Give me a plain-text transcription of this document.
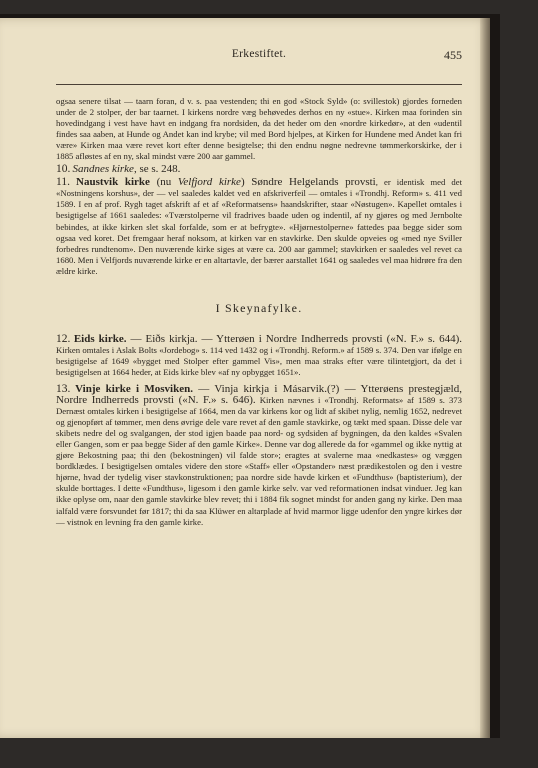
Erkestiftet.	455

ogsaa senere tilsat — taarn foran, d v. s. paa vestenden; thi en god «Stock Syld» (o: svillestok) gjordes forneden under de 2 stolper, der bar taarnet. I kirkens nordre væg behøvedes derhos en ny «stue». Kirken maa forinden sin hovedindgang i vest have havt en indgang fra nordsiden, da det heder om den «nordre kirkedør», at den «udentil findes saa aaben, at Hunde og Andet kan ind krybe; vil med Bord hjelpes, at Kirken for Hundene med Andet kan fri være» Kirken maa være revet kort efter denne besigtelse; thi den endnu nøgne nedrevne tømmerkorskirke, der i 1885 afløstes af en ny, skal mindst være 200 aar gammel.

10. Sandnes kirke, se s. 248.

11. Naustvik kirke (nu Velfjord kirke) Søndre Helgelands provsti, er identisk med det «Nostningens korshus», der — vel saaledes kaldet ved en afskriverfeil — omtales i «Trondhj. Reform» s. 411 ved 1589. I en af prof. Rygh taget afskrift af et af «Reformatsens» haandskrifter, staar «Nøstugen». Kapellet omtales i besigtigelse af 1661 saaledes: «Tværstolperne vil fradrives baade uden og indentil, af ny gjøres og med Jernbolte bebindes, at ikke kirken slet skal forfalde, som er at befrygte». «Hjørnestolperne» fattedes paa begge sider som ogsaa ved koret. Det fremgaar heraf noksom, at kirken var en stavkirke. Den skulde opveies og «med nye Sviller forbedres rundtenom». Den nuværende kirke siges at være ca. 200 aar gammel; stavkirken er saaledes vel revet ca 1680. Men i Velfjords nuværende kirke er en altartavle, der bærer aarstallet 1641 og saaledes vel maa hidrøre fra den ældre kirke.

I Skeynafylke.

12. Eids kirke. — Eiðs kirkja. — Ytterøen i Nordre Indherreds provsti («N. F.» s. 644). Kirken omtales i Aslak Bolts «Jordebog» s. 114 ved 1432 og i «Trondhj. Reform.» af 1589 s. 374. Den var ifølge en besigtigelse af 1649 «bygget med Stolper efter gammel Vis», men maa straks efter være tilintetgjort, da det i besigtigelsen at 1664 heder, at Eids kirke blev «af ny opbygget 1651».

13. Vinje kirke i Mosviken. — Vinja kirkja i Másarvik.(?) — Ytterøens prestegjæld, Nordre Indherreds provsti («N. F.» s. 646). Kirken nævnes i «Trondhj. Reformats» af 1589 s. 373 Dernæst omtales kirken i besigtigelse af 1664, men da var kirkens kor og lidt af skibet nylig, nemlig 1652, nedrevet og gjenopført af tømmer, men dens øvrige dele vare revet af den gamle stavkirke, og tækt med spaan. Disse dele var skibets nedre del og svalgangen, der stod igjen baade paa nord- og sydsiden af bygningen, da den kaldes «Svalen eller Gangen, som er paa begge Sider af den gamle Kirke». Denne var dog allerede da for «gammel og ikke nyttig at gjøre Bekostning paa; thi den (bekostningen) vil falde stor»; eragtes at svalerne maa «nedkastes» og væggen bordklædes. I besigtigelsen omtales videre den store «Staff» eller «Opstander» næst prædikestolen og den i vestre hjørne, hvad der tydelig viser stavkonstruktionen; paa nordre side havde kirken et «Fundthus» (baptisterium), der skulde borttages. I dette «Fundthus», ligesom i den gamle kirke selv. var ved reformationen indsat vinduer. Jeg kan ikke oplyse om, naar den gamle stavkirke blev revet; thi i 1884 fik sognet mindst for anden gang ny kirke. Den maa ialfald være forsvundet før 1817; thi da saa Klüwer en altarplade af hvid marmor ligge udenfor den yngre kirkes dør — vistnok en levning fra den gamle kirke.
